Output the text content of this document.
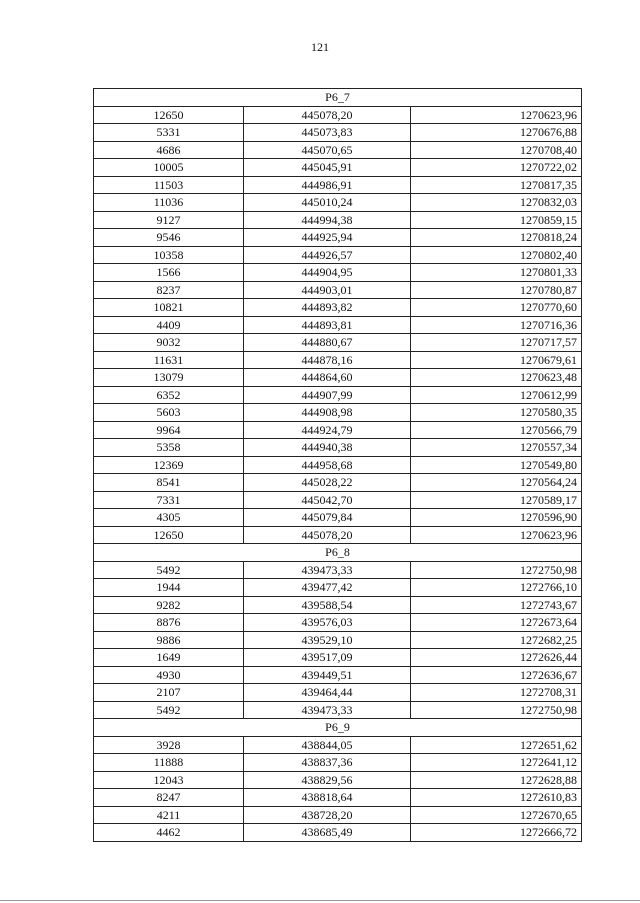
121
Р6_7		
12650	445078,20	1270623,96
5331	445073,83	1270676,88
4686	445070,65	1270708,40
10005	445045,91	1270722,02
11503	444986,91	1270817,35
11036	445010,24	1270832,03
9127	444994,38	1270859,15
9546	444925,94	1270818,24
10358	444926,57	1270802,40
1566	444904,95	1270801,33
8237	444903,01	1270780,87
10821	444893,82	1270770,60
4409	444893,81	1270716,36
9032	444880,67	1270717,57
11631	444878,16	1270679,61
13079	444864,60	1270623,48
6352	444907,99	1270612,99
5603	444908,98	1270580,35
9964	444924,79	1270566,79
5358	444940,38	1270557,34
12369	444958,68	1270549,80
8541	445028,22	1270564,24
7331	445042,70	1270589,17
4305	445079,84	1270596,90
12650	445078,20	1270623,96
Р6_8		
5492	439473,33	1272750,98
1944	439477,42	1272766,10
9282	439588,54	1272743,67
8876	439576,03	1272673,64
9886	439529,10	1272682,25
1649	439517,09	1272626,44
4930	439449,51	1272636,67
2107	439464,44	1272708,31
5492	439473,33	1272750,98
Р6_9		
3928	438844,05	1272651,62
11888	438837,36	1272641,12
12043	438829,56	1272628,88
8247	438818,64	1272610,83
4211	438728,20	1272670,65
4462	438685,49	1272666,72
